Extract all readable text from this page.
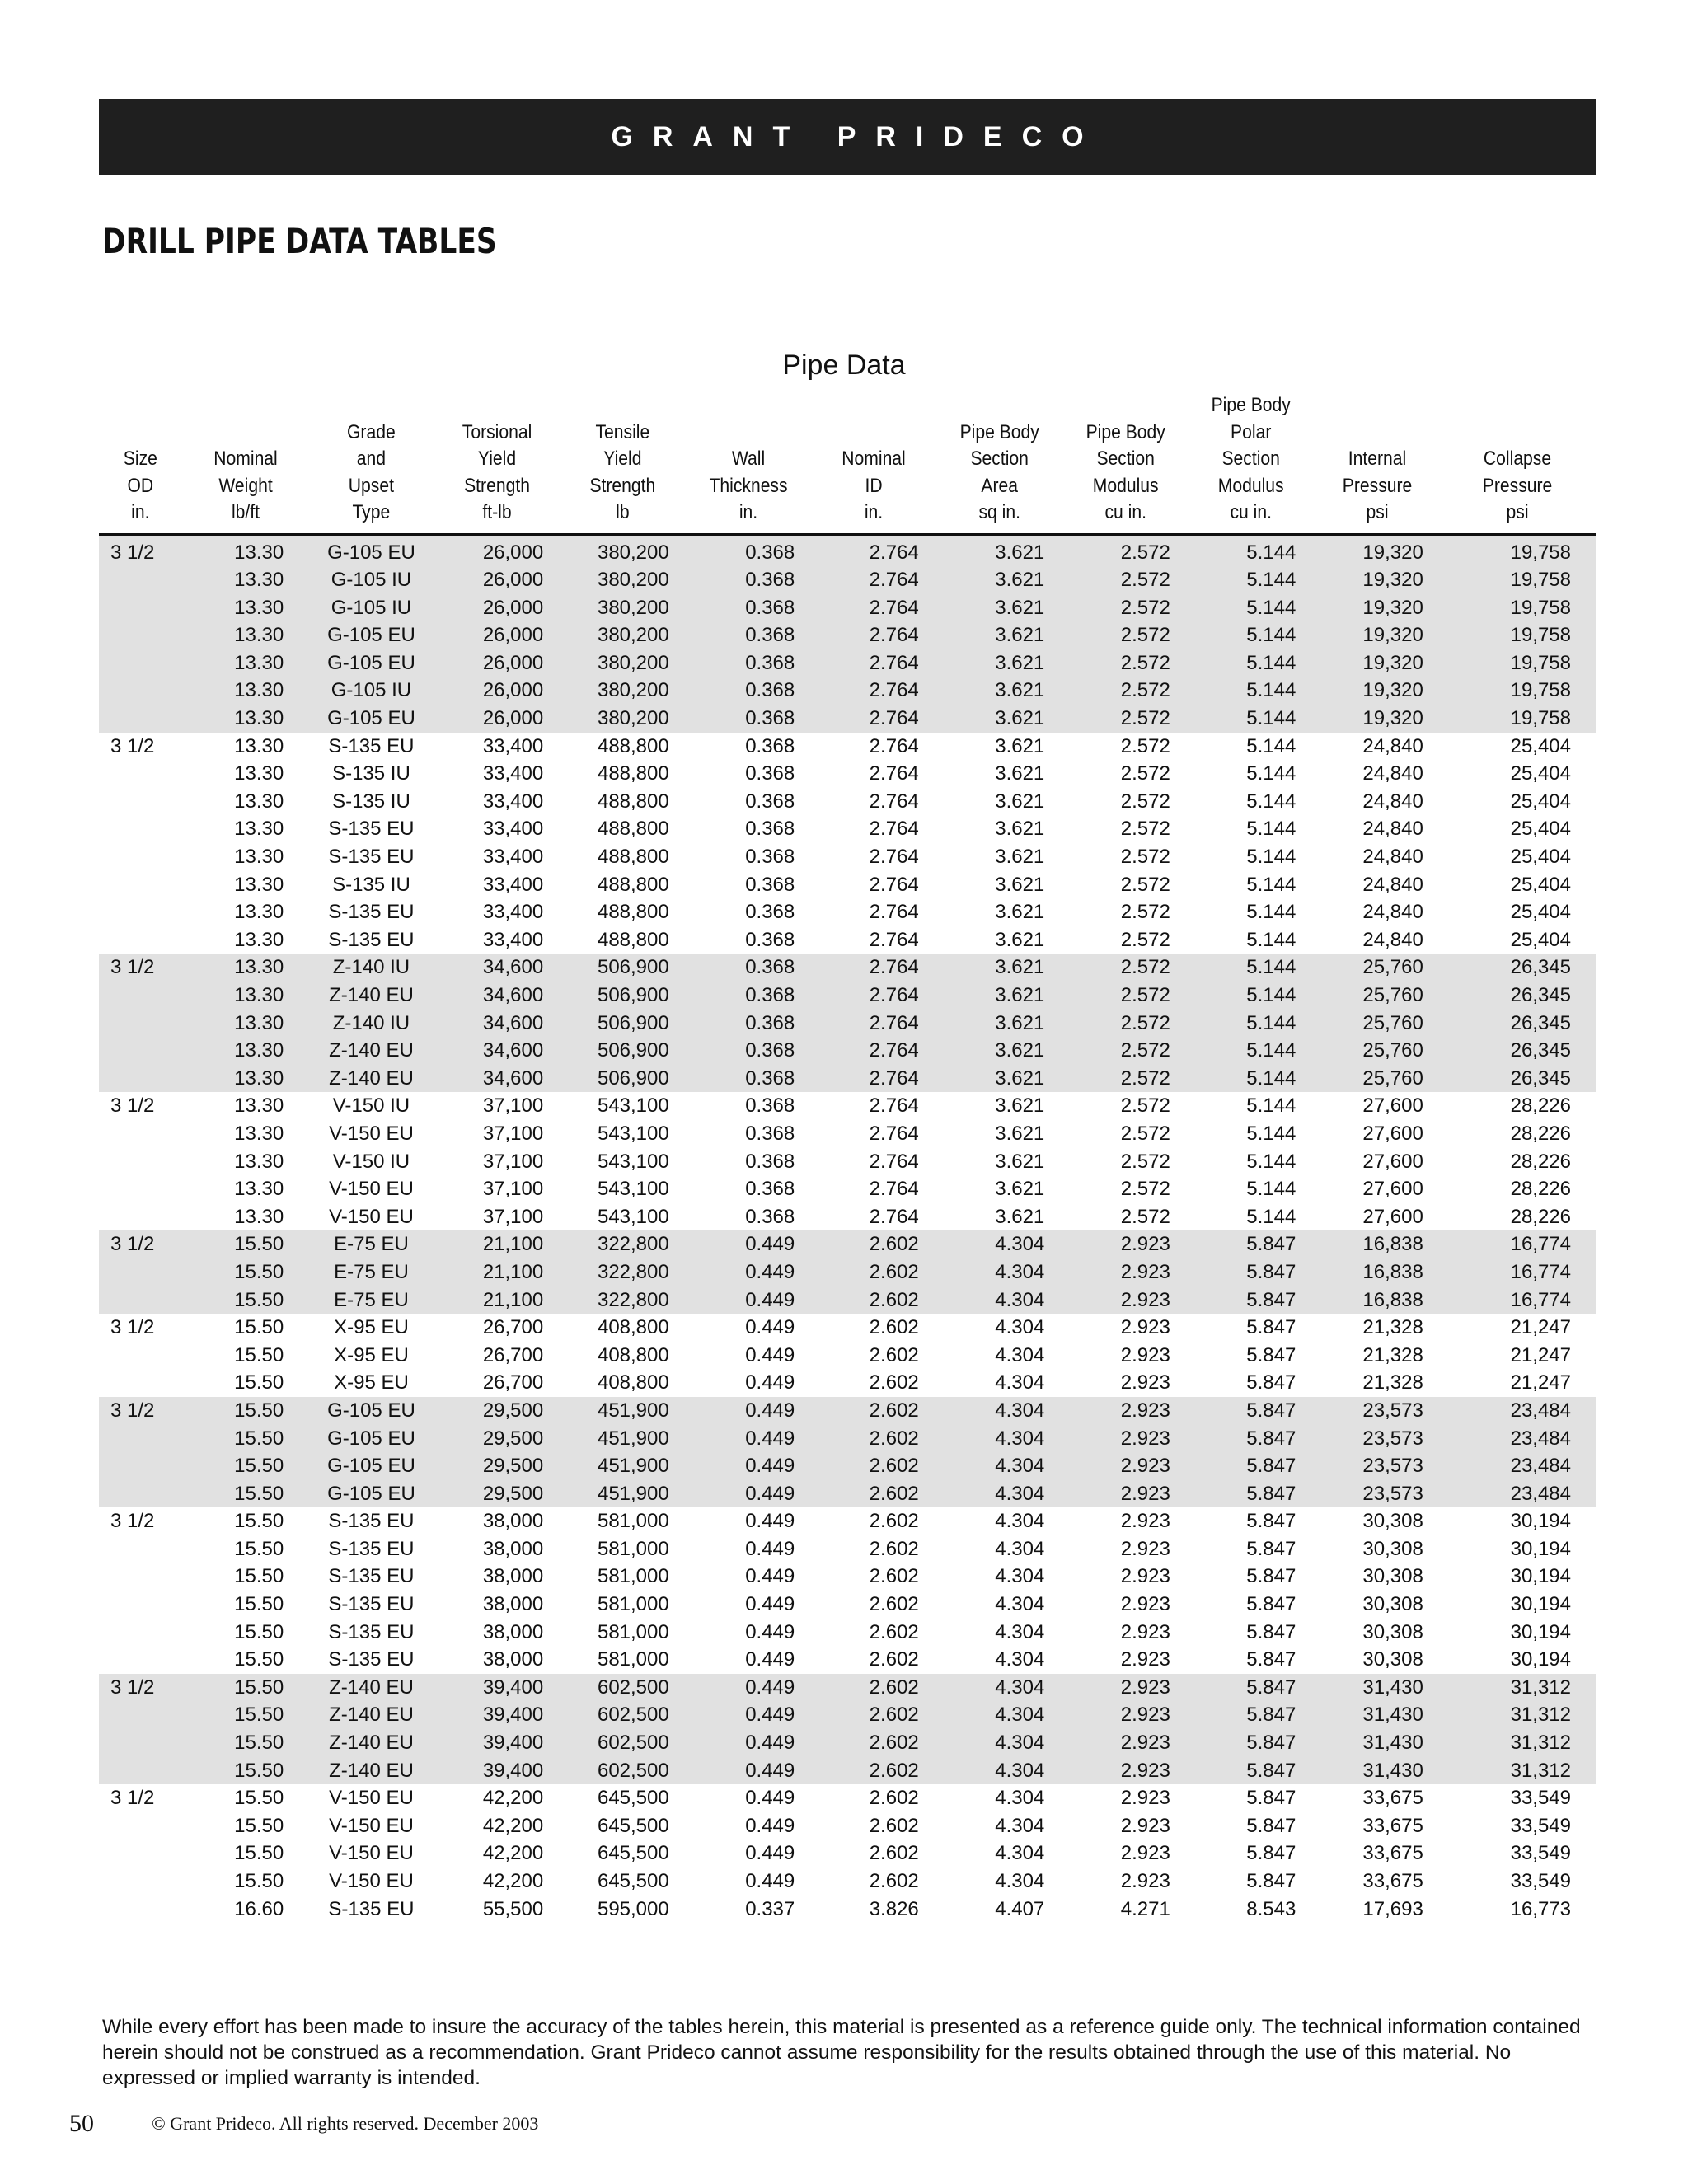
GRANT PRIDECO
DRILL PIPE DATA TABLES
Pipe Data
Size
OD
in.	Nominal
Weight
lb/ft	Grade
and
Upset
Type	Torsional
Yield
Strength
ft-lb	Tensile
Yield
Strength
lb	Wall
Thickness
in.	Nominal
ID
in.	Pipe Body
Section
Area
sq in.	Pipe Body
Section
Modulus
cu in.	Pipe Body
Polar
Section
Modulus
cu in.	Internal
Pressure
psi	Collapse
Pressure
psi
3 1/2	13.30	G-105 EU	26,000	380,200	0.368	2.764	3.621	2.572	5.144	19,320	19,758
	13.30	G-105 IU	26,000	380,200	0.368	2.764	3.621	2.572	5.144	19,320	19,758
	13.30	G-105 IU	26,000	380,200	0.368	2.764	3.621	2.572	5.144	19,320	19,758
	13.30	G-105 EU	26,000	380,200	0.368	2.764	3.621	2.572	5.144	19,320	19,758
	13.30	G-105 EU	26,000	380,200	0.368	2.764	3.621	2.572	5.144	19,320	19,758
	13.30	G-105 IU	26,000	380,200	0.368	2.764	3.621	2.572	5.144	19,320	19,758
	13.30	G-105 EU	26,000	380,200	0.368	2.764	3.621	2.572	5.144	19,320	19,758
3 1/2	13.30	S-135 EU	33,400	488,800	0.368	2.764	3.621	2.572	5.144	24,840	25,404
	13.30	S-135 IU	33,400	488,800	0.368	2.764	3.621	2.572	5.144	24,840	25,404
	13.30	S-135 IU	33,400	488,800	0.368	2.764	3.621	2.572	5.144	24,840	25,404
	13.30	S-135 EU	33,400	488,800	0.368	2.764	3.621	2.572	5.144	24,840	25,404
	13.30	S-135 EU	33,400	488,800	0.368	2.764	3.621	2.572	5.144	24,840	25,404
	13.30	S-135 IU	33,400	488,800	0.368	2.764	3.621	2.572	5.144	24,840	25,404
	13.30	S-135 EU	33,400	488,800	0.368	2.764	3.621	2.572	5.144	24,840	25,404
	13.30	S-135 EU	33,400	488,800	0.368	2.764	3.621	2.572	5.144	24,840	25,404
3 1/2	13.30	Z-140 IU	34,600	506,900	0.368	2.764	3.621	2.572	5.144	25,760	26,345
	13.30	Z-140 EU	34,600	506,900	0.368	2.764	3.621	2.572	5.144	25,760	26,345
	13.30	Z-140 IU	34,600	506,900	0.368	2.764	3.621	2.572	5.144	25,760	26,345
	13.30	Z-140 EU	34,600	506,900	0.368	2.764	3.621	2.572	5.144	25,760	26,345
	13.30	Z-140 EU	34,600	506,900	0.368	2.764	3.621	2.572	5.144	25,760	26,345
3 1/2	13.30	V-150 IU	37,100	543,100	0.368	2.764	3.621	2.572	5.144	27,600	28,226
	13.30	V-150 EU	37,100	543,100	0.368	2.764	3.621	2.572	5.144	27,600	28,226
	13.30	V-150 IU	37,100	543,100	0.368	2.764	3.621	2.572	5.144	27,600	28,226
	13.30	V-150 EU	37,100	543,100	0.368	2.764	3.621	2.572	5.144	27,600	28,226
	13.30	V-150 EU	37,100	543,100	0.368	2.764	3.621	2.572	5.144	27,600	28,226
3 1/2	15.50	E-75 EU	21,100	322,800	0.449	2.602	4.304	2.923	5.847	16,838	16,774
	15.50	E-75 EU	21,100	322,800	0.449	2.602	4.304	2.923	5.847	16,838	16,774
	15.50	E-75 EU	21,100	322,800	0.449	2.602	4.304	2.923	5.847	16,838	16,774
3 1/2	15.50	X-95 EU	26,700	408,800	0.449	2.602	4.304	2.923	5.847	21,328	21,247
	15.50	X-95 EU	26,700	408,800	0.449	2.602	4.304	2.923	5.847	21,328	21,247
	15.50	X-95 EU	26,700	408,800	0.449	2.602	4.304	2.923	5.847	21,328	21,247
3 1/2	15.50	G-105 EU	29,500	451,900	0.449	2.602	4.304	2.923	5.847	23,573	23,484
	15.50	G-105 EU	29,500	451,900	0.449	2.602	4.304	2.923	5.847	23,573	23,484
	15.50	G-105 EU	29,500	451,900	0.449	2.602	4.304	2.923	5.847	23,573	23,484
	15.50	G-105 EU	29,500	451,900	0.449	2.602	4.304	2.923	5.847	23,573	23,484
3 1/2	15.50	S-135 EU	38,000	581,000	0.449	2.602	4.304	2.923	5.847	30,308	30,194
	15.50	S-135 EU	38,000	581,000	0.449	2.602	4.304	2.923	5.847	30,308	30,194
	15.50	S-135 EU	38,000	581,000	0.449	2.602	4.304	2.923	5.847	30,308	30,194
	15.50	S-135 EU	38,000	581,000	0.449	2.602	4.304	2.923	5.847	30,308	30,194
	15.50	S-135 EU	38,000	581,000	0.449	2.602	4.304	2.923	5.847	30,308	30,194
	15.50	S-135 EU	38,000	581,000	0.449	2.602	4.304	2.923	5.847	30,308	30,194
3 1/2	15.50	Z-140 EU	39,400	602,500	0.449	2.602	4.304	2.923	5.847	31,430	31,312
	15.50	Z-140 EU	39,400	602,500	0.449	2.602	4.304	2.923	5.847	31,430	31,312
	15.50	Z-140 EU	39,400	602,500	0.449	2.602	4.304	2.923	5.847	31,430	31,312
	15.50	Z-140 EU	39,400	602,500	0.449	2.602	4.304	2.923	5.847	31,430	31,312
3 1/2	15.50	V-150 EU	42,200	645,500	0.449	2.602	4.304	2.923	5.847	33,675	33,549
	15.50	V-150 EU	42,200	645,500	0.449	2.602	4.304	2.923	5.847	33,675	33,549
	15.50	V-150 EU	42,200	645,500	0.449	2.602	4.304	2.923	5.847	33,675	33,549
	15.50	V-150 EU	42,200	645,500	0.449	2.602	4.304	2.923	5.847	33,675	33,549
	16.60	S-135 EU	55,500	595,000	0.337	3.826	4.407	4.271	8.543	17,693	16,773
While every effort has been made to insure the accuracy of the tables herein, this material is presented as a reference guide only. The technical information contained herein should not be construed as a recommendation. Grant Prideco cannot assume responsibility for the results obtained through the use of this material. No expressed or implied warranty is intended.
50	© Grant Prideco. All rights reserved. December 2003
